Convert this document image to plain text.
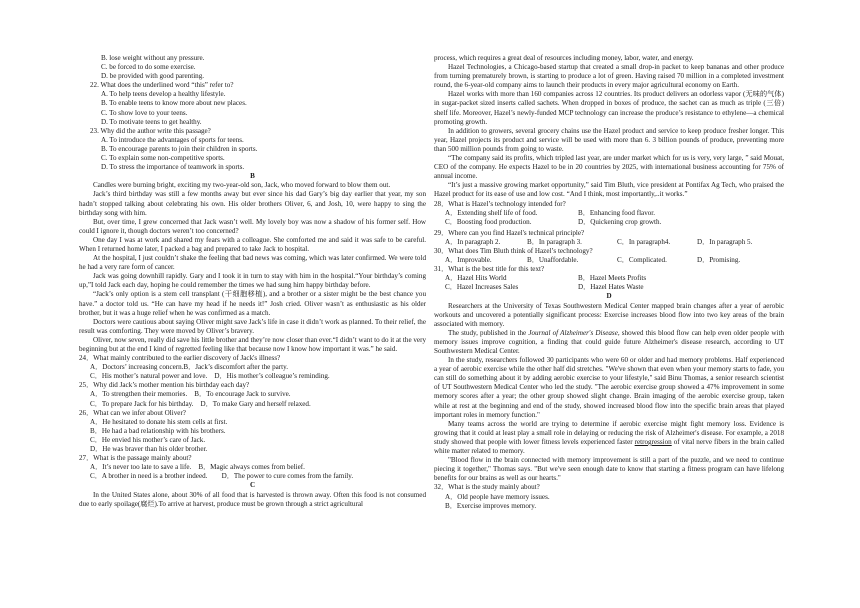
B. lose weight without any pressure.

C. be forced to do some exercise.

D. be provided with good parenting.

22. What does the underlined word “this” refer to?

A. To help teens develop a healthy lifestyle.

B. To enable teens to know more about new places.

C. To show love to your teens.

D. To motivate teens to get healthy.

23. Why did the author write this passage?

A. To introduce the advantages of sports for teens.

B. To encourage parents to join their children in sports.

C. To explain some non-competitive sports.

D. To stress the importance of teamwork in sports.

B

Candles were burning bright, exciting my two-year-old son, Jack, who moved forward to blow them out.

Jack’s third birthday was still a few months away but ever since his dad Gary’s big day earlier that year, my son hadn’t stopped talking about celebrating his own. His older brothers Oliver, 6, and Josh, 10, were happy to sing the birthday song with him.

But, over time, I grew concerned that Jack wasn’t well. My lovely boy was now a shadow of his former self. How could I ignore it, though doctors weren’t too concerned?

One day I was at work and shared my fears with a colleague. She comforted me and said it was safe to be careful. When I returned home later, I packed a bag and prepared to take Jack to hospital.

At the hospital, I just couldn’t shake the feeling that bad news was coming, which was later confirmed. We were told he had a very rare form of cancer.

Jack was going downhill rapidly. Gary and I took it in turn to stay with him in the hospital.“Your birthday’s coming up,”I told Jack each day, hoping he could remember the times we had sung him happy birthday before.

“Jack’s only option is a stem cell transplant (干细胞移植), and a brother or a sister might be the best chance you have.” a doctor told us. “He can have my head if he needs it!” Josh cried. Oliver wasn’t as enthusiastic as his older brother, but it was a huge relief when he was confirmed as a match.

Doctors were cautious about saying Oliver might save Jack’s life in case it didn’t work as planned. To their relief, the result was comforting. They were moved by Oliver’s bravery.

Oliver, now seven, really did save his little brother and they’re now closer than ever.“I didn’t want to do it at the very beginning but at the end I kind of regretted feeling like that because now I know how important it was.” he said.

24．What mainly contributed to the earlier discovery of Jack's illness?

A．Doctors’ increasing concern.B．Jack’s discomfort after the party.

C．His mother’s natural power and love.　D．His mother’s colleague’s reminding.

25．Why did Jack’s mother mention his birthday each day?

A．To strengthen their memories.　B．To encourage Jack to survive.

C．To prepare Jack for his birthday.　D．To make Gary and herself relaxed.

26．What can we infer about Oliver?

A．He hesitated to donate his stem cells at first.

B．He had a bad relationship with his brothers.

C．He envied his mother’s care of Jack.

D．He was braver than his older brother.

27．What is the passage mainly about?

A．It’s never too late to save a life.　B．Magic always comes from belief.

C．A brother in need is a brother indeed.　　D．The power to cure comes from the family.

C

In the United States alone, about 30% of all food that is harvested is thrown away. Often this food is not consumed due to early spoilage(腐烂).To arrive at harvest, produce must be grown through a strict agricultural

process, which requires a great deal of resources including money, labor, water, and energy.

Hazel Technologies, a Chicago-based startup that created a small drop-in packet to keep bananas and other produce from turning prematurely brown, is starting to produce a lot of green. Having raised 70 million in a completed investment round, the 6-year-old company aims to launch their products in every major agricultural economy on Earth.

Hazel works with more than 160 companies across 12 countries. Its product delivers an odorless vapor (无味的气体) in sugar-packet sized inserts called sachets. When dropped in boxes of produce, the sachet can as much as triple (三倍) shelf life. Moreover, Hazel’s newly-funded MCP technology can increase the produce’s resistance to ethylene—a chemical promoting growth.

In addition to growers, several grocery chains use the Hazel product and service to keep produce fresher longer. This year, Hazel projects its product and service will be used with more than 6. 3 billion pounds of produce, preventing more than 500 million pounds from going to waste.

“The company said its profits, which tripled last year, are under market which for us is very, very large, ” said Mouat, CEO of the company. He expects Hazel to be in 20 countries by 2025, with international business accounting for 75% of annual income.

“It’s just a massive growing market opportunity,” said Tim Bluth, vice president at Pontifax Ag Tech, who praised the Hazel product for its ease of use and low cost. “And I think, most importantly,..it works.”

28．What is Hazel’s technology intended for?

A．Extending shelf life of food.	B．Enhancing food flavor.
C．Boosting food production.	D．Quickening crop growth.

29．Where can you find Hazel's technical principle?

A．In paragraph 2.	B．In paragraph 3.	C．In paragraph4.	D．In paragraph 5.

30．What does Tim Bluth think of Hazel’s technology?

A．Improvable.	B．Unaffordable.	C．Complicated.	D．Promising.

31．What is the best title for this text?

A．Hazel Hits World	B．Hazel Meets Profits
C．Hazel Increases Sales	D．Hazel Hates Waste

D

Researchers at the University of Texas Southwestern Medical Center mapped brain changes after a year of aerobic workouts and uncovered a potentially significant process: Exercise increases blood flow into two key areas of the brain associated with memory.

The study, published in the Journal of Alzheimer's Disease, showed this blood flow can help even older people with memory issues improve cognition, a finding that could guide future Alzheimer's disease research, according to UT Southwestern Medical Center.

In the study, researchers followed 30 participants who were 60 or older and had memory problems. Half experienced a year of aerobic exercise while the other half did stretches. "We've shown that even when your memory starts to fade, you can still do something about it by adding aerobic exercise to your lifestyle," said Binu Thomas, a senior research scientist of UT Southwestern Medical Center who led the study. "The aerobic exercise group showed a 47% improvement in some memory scores after a year; the other group showed slight change. Brain imaging of the aerobic exercise group, taken while at rest at the beginning and end of the study, showed increased blood flow into the specific brain areas that played important roles in memory function."

Many teams across the world are trying to determine if aerobic exercise might fight memory loss. Evidence is growing that it could at least play a small role in delaying or reducing the risk of Alzheimer's disease. For example, a 2018 study showed that people with lower fitness levels experienced faster retrogression of vital nerve fibers in the brain called white matter related to memory.

"Blood flow in the brain connected with memory improvement is still a part of the puzzle, and we need to continue piecing it together," Thomas says. "But we've seen enough date to know that starting a fitness program can have lifelong benefits for our brains as well as our hearts."

32．What is the study mainly about?

A．Old people have memory issues.

B．Exercise improves memory.
